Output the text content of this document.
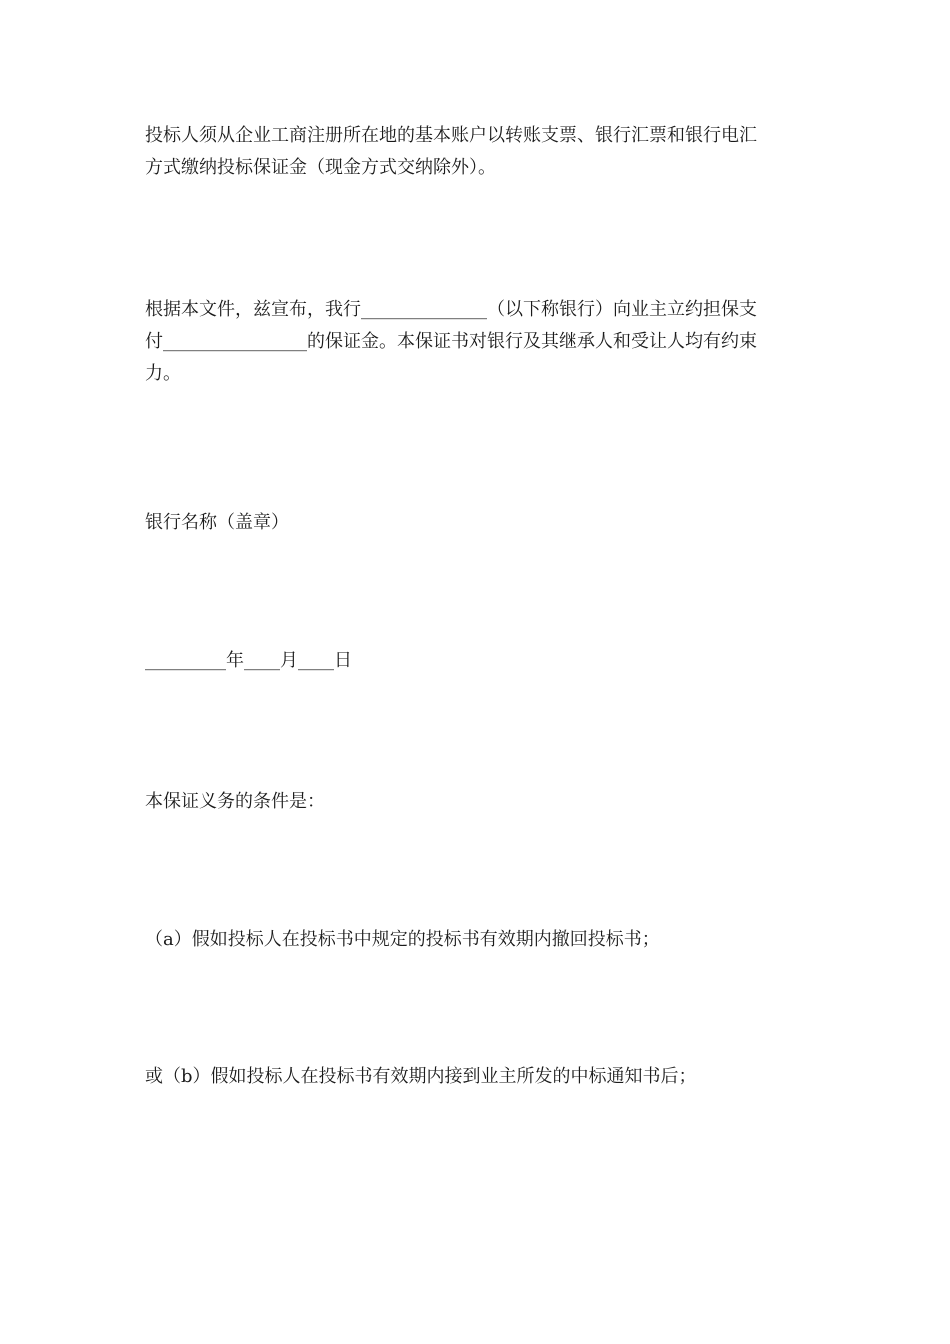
投标人须从企业工商注册所在地的基本账户以转账支票、银行汇票和银行电汇
方式缴纳投标保证金（现金方式交纳除外）。

根据本文件，兹宣布，我行______________（以下称银行）向业主立约担保支
付________________的保证金。本保证书对银行及其继承人和受让人均有约束
力。

银行名称（盖章）

_________年____月____日

本保证义务的条件是：

（a）假如投标人在投标书中规定的投标书有效期内撤回投标书；

或（b）假如投标人在投标书有效期内接到业主所发的中标通知书后；
